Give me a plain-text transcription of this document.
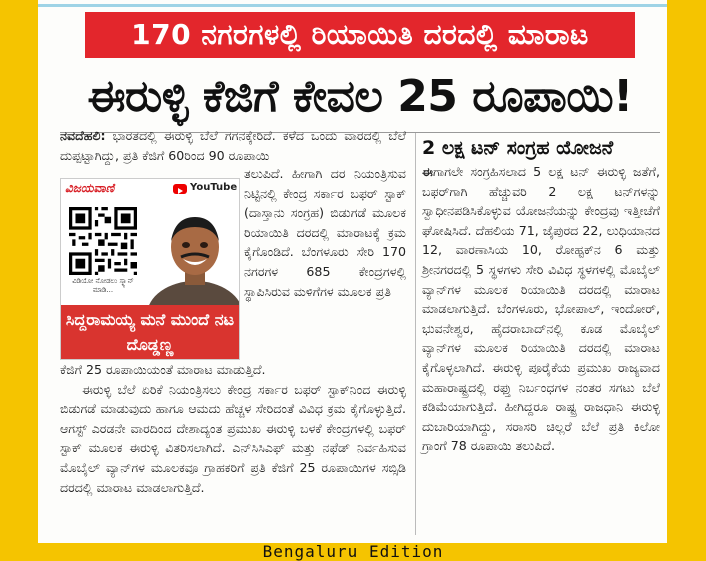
170 ನಗರಗಳಲ್ಲಿ ರಿಯಾಯಿತಿ ದರದಲ್ಲಿ ಮಾರಾಟ
ಈರುಳ್ಳಿ ಕೆಜಿಗೆ ಕೇವಲ 25 ರೂಪಾಯಿ!
ನವದೆಹಲಿ: ಭಾರತದಲ್ಲಿ ಈರುಳ್ಳಿ ಬೆಲೆ ಗಗನಕ್ಕೇರಿದೆ. ಕಳೆದ ಒಂದು ವಾರದಲ್ಲಿ ಬೆಲೆ ದುಪ್ಪಟ್ಟಾಗಿದ್ದು, ಪ್ರತಿ ಕೆಜಿಗೆ 60ರಿಂದ 90 ರೂಪಾಯಿ
ವಿಜಯವಾಣಿ	YouTube
ವಿಡಿಯೋ ನೋಡಲು ಸ್ಕ್ಯಾನ್ ಮಾಡಿ...
ಸಿದ್ದರಾಮಯ್ಯ ಮನೆ ಮುಂದೆ ನಟ ದೊಡ್ಡಣ್ಣ
ತಲುಪಿದೆ. ಹೀಗಾಗಿ ದರ ನಿಯಂತ್ರಿಸುವ ನಿಟ್ಟಿನಲ್ಲಿ ಕೇಂದ್ರ ಸರ್ಕಾರ ಬಫರ್ ಸ್ಟಾಕ್ (ದಾಸ್ತಾನು ಸಂಗ್ರಹ) ಬಿಡುಗಡೆ ಮೂಲಕ ರಿಯಾಯಿತಿ ದರದಲ್ಲಿ ಮಾರಾಟಕ್ಕೆ ಕ್ರಮ ಕೈಗೊಂಡಿದೆ. ಬೆಂಗಳೂರು ಸೇರಿ 170 ನಗರಗಳ 685 ಕೇಂದ್ರಗಳಲ್ಲಿ ಸ್ಥಾಪಿಸಿರುವ ಮಳಿಗೆಗಳ ಮೂಲಕ ಪ್ರತಿ
ಕೆಜಿಗೆ 25 ರೂಪಾಯಿಯಂತೆ ಮಾರಾಟ ಮಾಡುತ್ತಿದೆ.

ಈರುಳ್ಳಿ ಬೆಲೆ ಏರಿಕೆ ನಿಯಂತ್ರಿಸಲು ಕೇಂದ್ರ ಸರ್ಕಾರ ಬಫರ್ ಸ್ಟಾಕ್‌ನಿಂದ ಈರುಳ್ಳಿ ಬಿಡುಗಡೆ ಮಾಡುವುದು ಹಾಗೂ ಆಮದು ಹೆಚ್ಚಳ ಸೇರಿದಂತೆ ವಿವಿಧ ಕ್ರಮ ಕೈಗೊಳ್ಳುತ್ತಿದೆ. ಆಗಸ್ಟ್ ಎರಡನೇ ವಾರದಿಂದ ದೇಶಾದ್ಯಂತ ಪ್ರಮುಖ ಈರುಳ್ಳಿ ಬಳಕೆ ಕೇಂದ್ರಗಳಲ್ಲಿ ಬಫರ್ ಸ್ಟಾಕ್ ಮೂಲಕ ಈರುಳ್ಳಿ ವಿತರಿಸಲಾಗಿದೆ. ಎನ್‌ಸಿಸಿಎಫ್ ಮತ್ತು ನಫೆಡ್ ನಿರ್ವಹಿಸುವ ಮೊಬೈಲ್ ವ್ಯಾನ್‌ಗಳ ಮೂಲಕವೂ ಗ್ರಾಹಕರಿಗೆ ಪ್ರತಿ ಕೆಜಿಗೆ 25 ರೂಪಾಯಿಗಳ ಸಬ್ಸಿಡಿ ದರದಲ್ಲಿ ಮಾರಾಟ ಮಾಡಲಾಗುತ್ತಿದೆ.

2 ಲಕ್ಷ ಟನ್ ಸಂಗ್ರಹ ಯೋಜನೆ
ಈಗಾಗಲೇ ಸಂಗ್ರಹಿಸಲಾದ 5 ಲಕ್ಷ ಟನ್ ಈರುಳ್ಳಿ ಜತೆಗೆ, ಬಫರ್‌ಗಾಗಿ ಹೆಚ್ಚುವರಿ 2 ಲಕ್ಷ ಟನ್‌ಗಳನ್ನು ಸ್ವಾಧೀನಪಡಿಸಿಕೊಳ್ಳುವ ಯೋಜನೆಯನ್ನು ಕೇಂದ್ರವು ಇತ್ತೀಚೆಗೆ ಘೋಷಿಸಿದೆ. ದೆಹಲಿಯ 71, ಜೈಪುರದ 22, ಲುಧಿಯಾನದ 12, ವಾರಣಾಸಿಯ 10, ರೋಹ್ಟಕ್‌ನ 6 ಮತ್ತು ಶ್ರೀನಗರದಲ್ಲಿ 5 ಸ್ಥಳಗಳು ಸೇರಿ ವಿವಿಧ ಸ್ಥಳಗಳಲ್ಲಿ ಮೊಬೈಲ್ ವ್ಯಾನ್‌ಗಳ ಮೂಲಕ ರಿಯಾಯಿತಿ ದರದಲ್ಲಿ ಮಾರಾಟ ಮಾಡಲಾಗುತ್ತಿದೆ. ಬೆಂಗಳೂರು, ಭೋಪಾಲ್, ಇಂದೋರ್, ಭುವನೇಶ್ವರ, ಹೈದರಾಬಾದ್‌ನಲ್ಲಿ ಕೂಡ ಮೊಬೈಲ್ ವ್ಯಾನ್‌ಗಳ ಮೂಲಕ ರಿಯಾಯಿತಿ ದರದಲ್ಲಿ ಮಾರಾಟ ಕೈಗೊಳ್ಳಲಾಗಿದೆ. ಈರುಳ್ಳಿ ಪೂರೈಕೆಯ ಪ್ರಮುಖ ರಾಜ್ಯವಾದ ಮಹಾರಾಷ್ಟ್ರದಲ್ಲಿ ರಫ್ತು ನಿರ್ಬಂಧಗಳ ನಂತರ ಸಗಟು ಬೆಲೆ ಕಡಿಮೆಯಾಗುತ್ತಿದೆ. ಹೀಗಿದ್ದರೂ ರಾಷ್ಟ್ರ ರಾಜಧಾನಿ ಈರುಳ್ಳಿ ದುಬಾರಿಯಾಗಿದ್ದು, ಸರಾಸರಿ ಚಿಲ್ಲರೆ ಬೆಲೆ ಪ್ರತಿ ಕಿಲೋ ಗ್ರಾಂಗೆ 78 ರೂಪಾಯಿ ತಲುಪಿದೆ.
Bengaluru Edition
